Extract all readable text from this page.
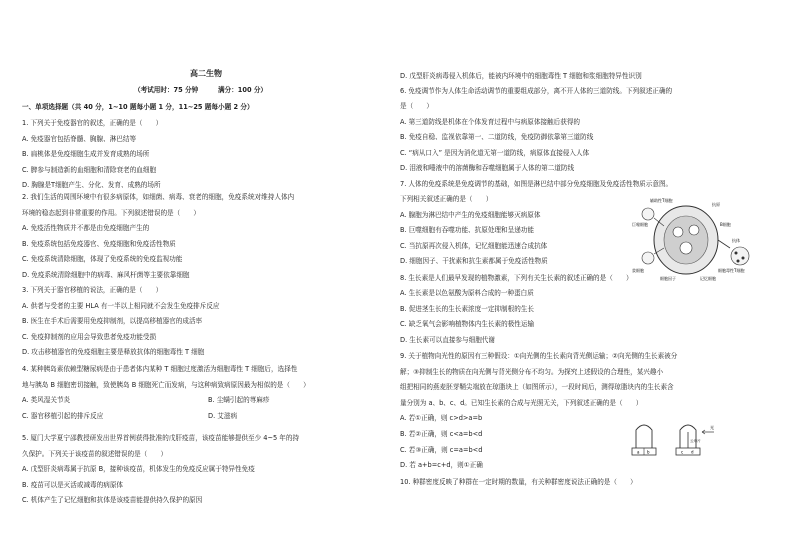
高二生物
（考试用时：75 分钟　　　满分：100 分）
一、单项选择题（共 40 分，1~10 题每小题 1 分，11~25 题每小题 2 分）
1. 下列关于免疫器官的叙述，正确的是（　　）
A. 免疫器官包括脊髓、胸腺、淋巴结等
B. 扁桃体是免疫细胞生成并发育成熟的场所
C. 脾参与制造新的血细胞和清除衰老的血细胞
D. 胸腺是T细胞产生、分化、发育、成熟的场所
2. 我们生活的周围环境中有很多病原体，如细菌、病毒、衰老的细胞，免疫系统对维持人体内
环境的稳态起到非常重要的作用。下列叙述错误的是（　　）
A. 免疫活性物质并不都是由免疫细胞产生的
B. 免疫系统包括免疫器官、免疫细胞和免疫活性物质
C. 免疫系统清除细胞，体现了免疫系统的免疫监视功能
D. 免疫系统清除细胞中的病毒、麻风杆菌等主要依靠细胞
3. 下列关于器官移植的说法，正确的是（　　）
A. 供者与受者的主要 HLA 有一半以上相同就不会发生免疫排斥反应
B. 医生在手术后需要用免疫抑制剂，以提高移植器官的成活率
C. 免疫抑制剂的应用会导致患者免疫功能受损
D. 攻击移植器官的免疫细胞主要是释放抗体的细胞毒性 T 细胞
4. 某种胰岛素依赖型糖尿病是由于患者体内某种 T 细胞过度激活为细胞毒性 T 细胞后，选择性
地与胰岛 B 细胞密切接触，致使胰岛 B 细胞死亡而发病，与这种病致病原因最为相似的是（　　）
A. 类风湿关节炎	B. 尘螨引起的荨麻疹
C. 器官移植引起的排斥反应	D. 艾滋病
5. 厦门大学夏宁邵教授研发出世界首例获得批准的戊肝疫苗，该疫苗能够提供至少 4~5 年的持
久保护。下列关于该疫苗的叙述错误的是（　　）
A. 戊型肝炎病毒属于抗原 B，接种该疫苗，机体发生的免疫反应属于特异性免疫
B. 疫苗可以是灭活或减毒的病原体
C. 机体产生了记忆细胞和抗体是该疫苗能提供持久保护的原因
D. 戊型肝炎病毒侵入机体后，能被内环境中的细胞毒性 T 细胞和浆细胞特异性识别
6. 免疫调节作为人体生命活动调节的重要组成部分，离不开人体的三道防线。下列叙述正确的
是（　　）
A. 第三道防线是机体在个体发育过程中与病原体接触后获得的
B. 免疫自稳、监视依靠第一、二道防线，免疫防御依靠第三道防线
C. “病从口入” 是因为消化道无第一道防线，病原体直接侵入人体
D. 泪液和唾液中的溶菌酶和吞噬细胞属于人体的第二道防线
7. 人体的免疫系统是免疫调节的基础，如图是淋巴结中部分免疫细胞及免疫活性物质示意图。
下列相关叙述正确的是（　　）
A. 腺胞为淋巴结中产生的免疫细胞能够灭病原体
B. 巨噬细胞有吞噬功能、抗原处理和呈递功能
C. 当抗原再次侵入机体，记忆细胞能迅速合成抗体
D. 细胞因子、干扰素和抗生素都属于免疫活性物质
8. 生长素是人们最早发现的植物激素，下列有关生长素的叙述正确的是（　　）
A. 生长素是以色氨酸为原料合成的一种蛋白质
B. 促进茎生长的生长素浓度一定抑制根的生长
C. 缺乏氧气会影响植物体内生长素的极性运输
D. 生长素可以直接参与细胞代谢
9. 关于植物向光性的原因有三种假设：①向光侧的生长素向背光侧运输；②向光侧的生长素被分
解；③抑制生长的物质在向光侧与背光侧分布不均匀。为探究上述假设的合理性，某兴趣小
组把相同的燕麦胚芽鞘尖端放在琼脂块上（如图所示），一段时间后，测得琼脂块内的生长素含
量分别为 a、b、c、d。已知生长素的合成与光照无关，下列叙述正确的是（　　）
A. 若①正确，则 c>d>a=b
B. 若②正确，则 c<a=b<d
C. 若③正确，则 c=a=b<d
D. 若 a+b=c+d，则①正确
10. 种群密度反映了种群在一定时期的数量，有关种群密度说法正确的是（　　）
辅助性T细胞
抗原
巨噬细胞	B细胞
浆细胞
细胞因子	记忆细胞
细胞毒性T细胞
抗体
光
a b	c d
云母片
